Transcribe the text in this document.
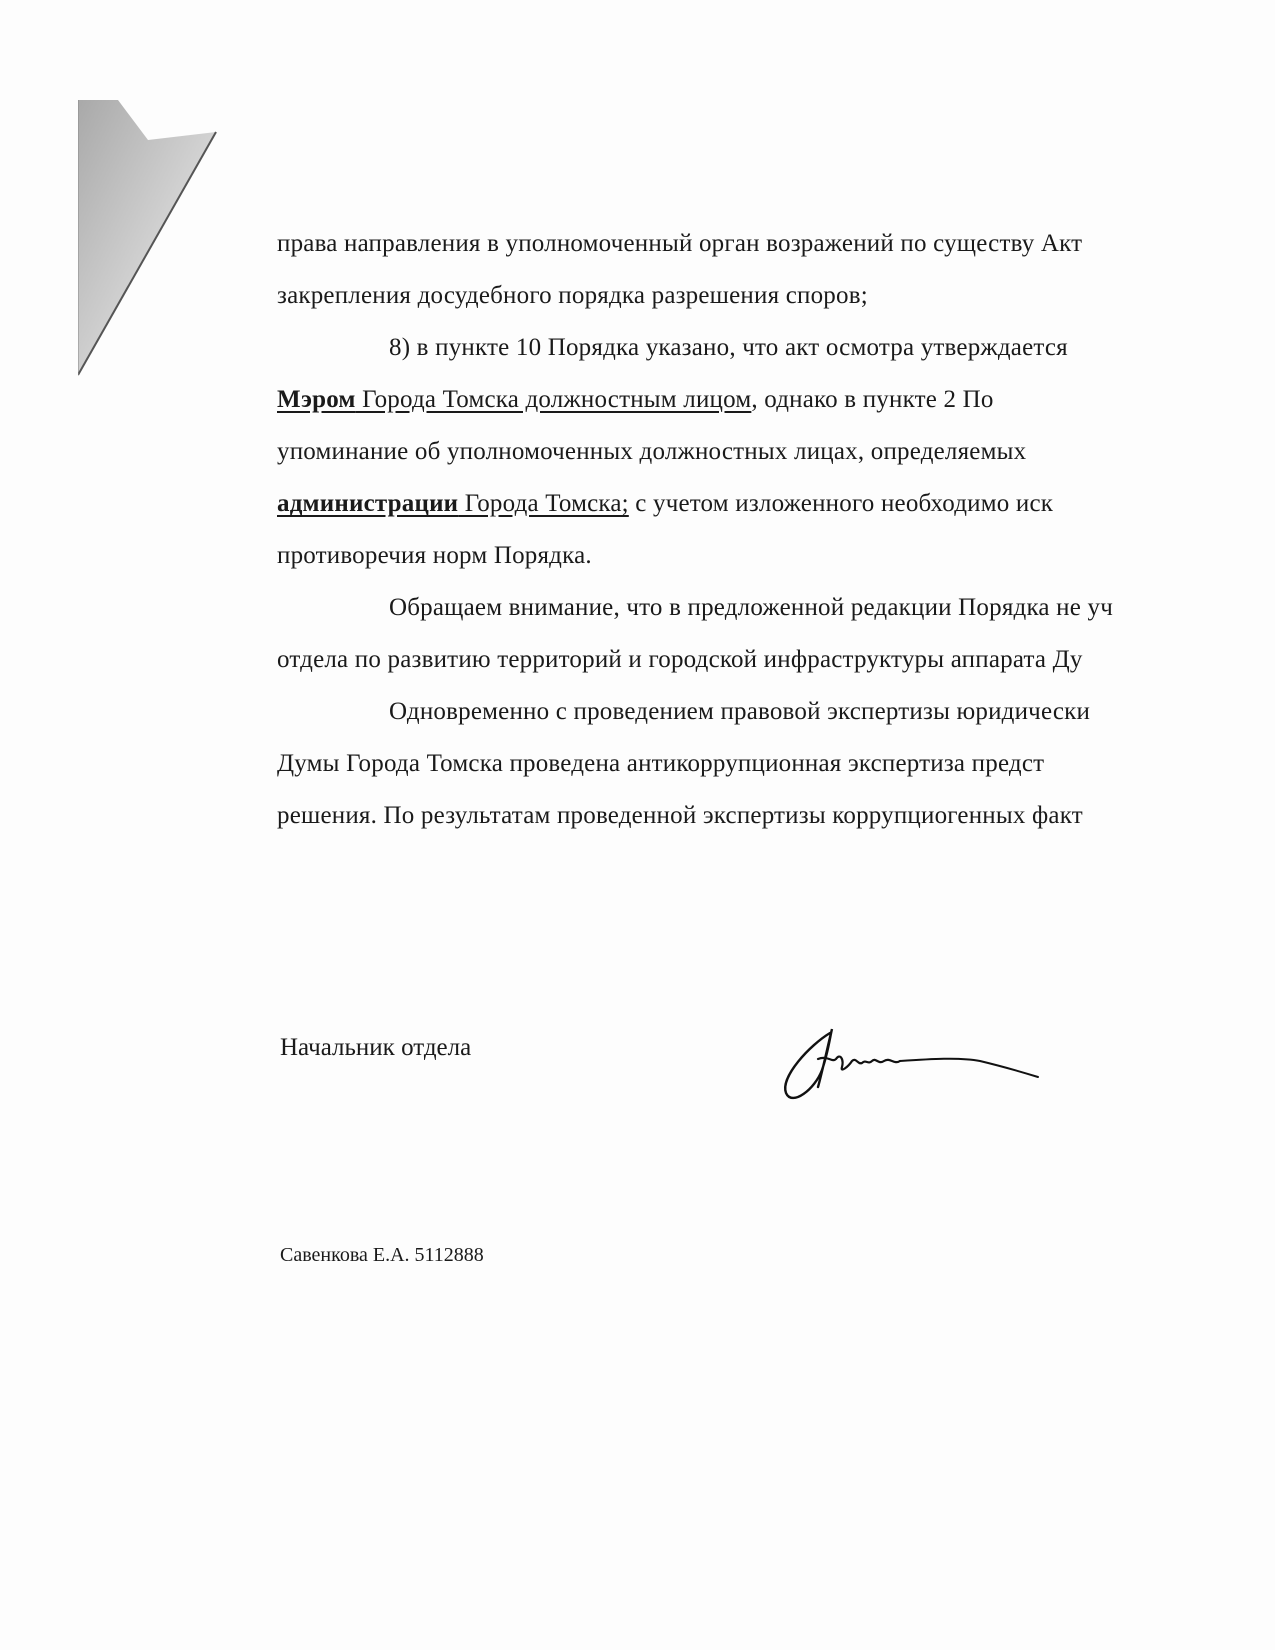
права направления в уполномоченный орган возражений по существу Акт
закрепления досудебного порядка разрешения споров;
8) в пункте 10 Порядка указано, что акт осмотра утверждается
Мэром Города Томска должностным лицом, однако в пункте 2 По
упоминание об уполномоченных должностных лицах, определяемых
администрации Города Томска; с учетом изложенного необходимо иск
противоречия норм Порядка.
Обращаем внимание, что в предложенной редакции Порядка не уч
отдела по развитию территорий и городской инфраструктуры аппарата Ду
Одновременно с проведением правовой экспертизы юридически
Думы Города Томска проведена антикоррупционная экспертиза предст
решения. По результатам проведенной экспертизы коррупциогенных факт
Начальник отдела
Савенкова Е.А. 5112888
